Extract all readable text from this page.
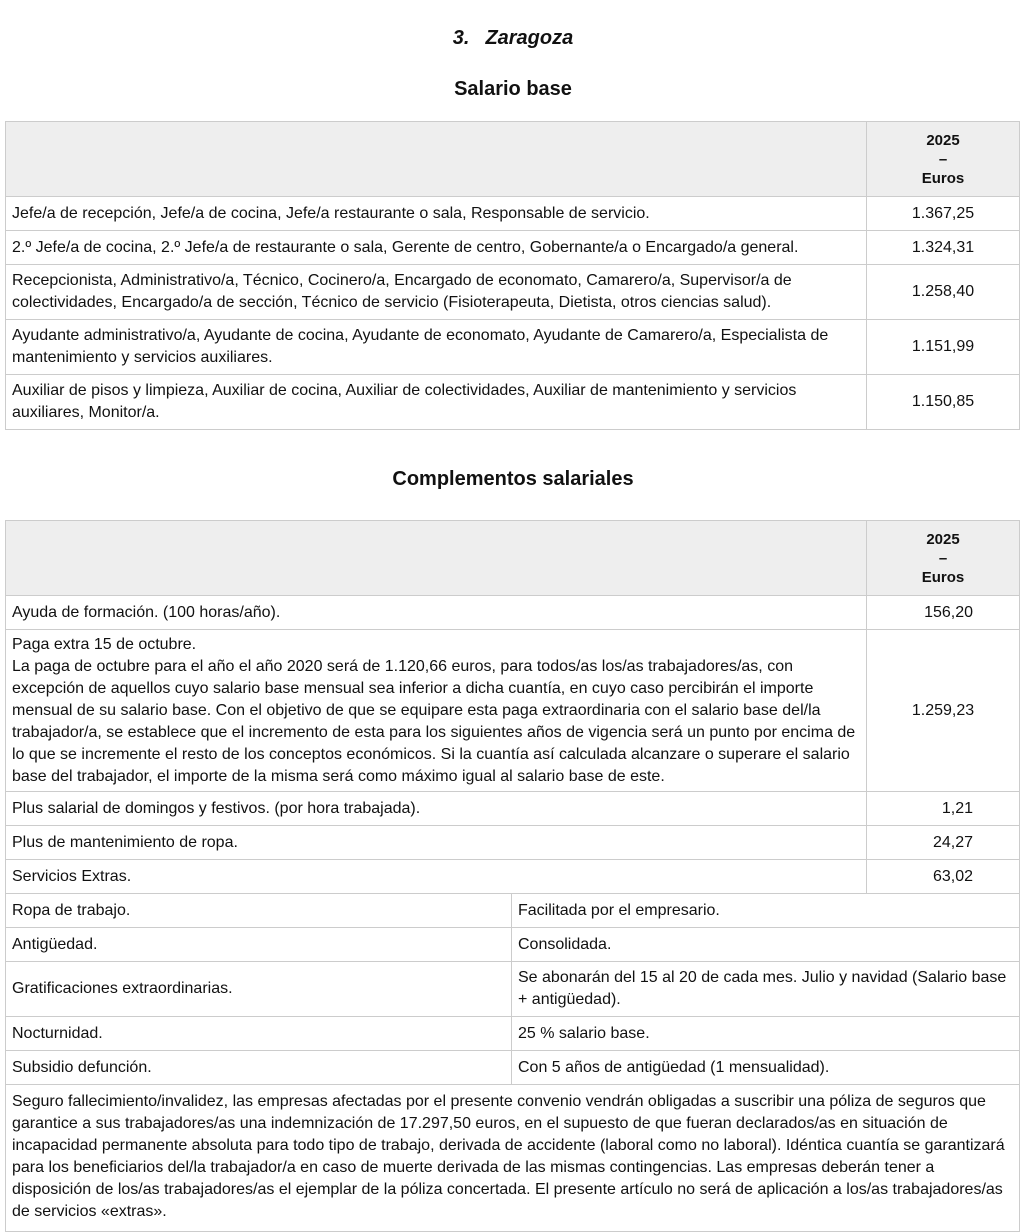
3. Zaragoza
Salario base

	2025
–
Euros

Jefe/a de recepción, Jefe/a de cocina, Jefe/a restaurante o sala, Responsable de servicio.	1.367,25
2.º Jefe/a de cocina, 2.º Jefe/a de restaurante o sala, Gerente de centro, Gobernante/a o Encargado/a general.	1.324,31
Recepcionista, Administrativo/a, Técnico, Cocinero/a, Encargado de economato, Camarero/a, Supervisor/a de colectividades, Encargado/a de sección, Técnico de servicio (Fisioterapeuta, Dietista, otros ciencias salud).	1.258,40
Ayudante administrativo/a, Ayudante de cocina, Ayudante de economato, Ayudante de Camarero/a, Especialista de mantenimiento y servicios auxiliares.	1.151,99
Auxiliar de pisos y limpieza, Auxiliar de cocina, Auxiliar de colectividades, Auxiliar de mantenimiento y servicios auxiliares, Monitor/a.	1.150,85
Complementos salariales

		2025
–
Euros

Ayuda de formación. (100 horas/año).		156,20

Paga extra 15 de octubre.
La paga de octubre para el año el año 2020 será de 1.120,66 euros, para todos/as los/as trabajadores/as, con excepción de aquellos cuyo salario base mensual sea inferior a dicha cuantía, en cuyo caso percibirán el importe mensual de su salario base. Con el objetivo de que se equipare esta paga extraordinaria con el salario base del/la trabajador/a, se establece que el incremento de esta para los siguientes años de vigencia será un punto por encima de lo que se incremente el resto de los conceptos económicos. Si la cuantía así calculada alcanzare o superare el salario base del trabajador, el importe de la misma será como máximo igual al salario base de este.		1.259,23
Plus salarial de domingos y festivos. (por hora trabajada).		1,21
Plus de mantenimiento de ropa.		24,27
Servicios Extras.		63,02
Ropa de trabajo.	Facilitada por el empresario.	
Antigüedad.	Consolidada.	
Gratificaciones extraordinarias.	Se abonarán del 15 al 20 de cada mes. Julio y navidad (Salario base + antigüedad).	
Nocturnidad.	25 % salario base.	
Subsidio defunción.	Con 5 años de antigüedad (1 mensualidad).	
Seguro fallecimiento/invalidez, las empresas afectadas por el presente convenio vendrán obligadas a suscribir una póliza de seguros que garantice a sus trabajadores/as una indemnización de 17.297,50 euros, en el supuesto de que fueran declarados/as en situación de incapacidad permanente absoluta para todo tipo de trabajo, derivada de accidente (laboral como no laboral). Idéntica cuantía se garantizará para los beneficiarios del/la trabajador/a en caso de muerte derivada de las mismas contingencias. Las empresas deberán tener a disposición de los/as trabajadores/as el ejemplar de la póliza concertada. El presente artículo no será de aplicación a los/as trabajadores/as de servicios «extras».		
